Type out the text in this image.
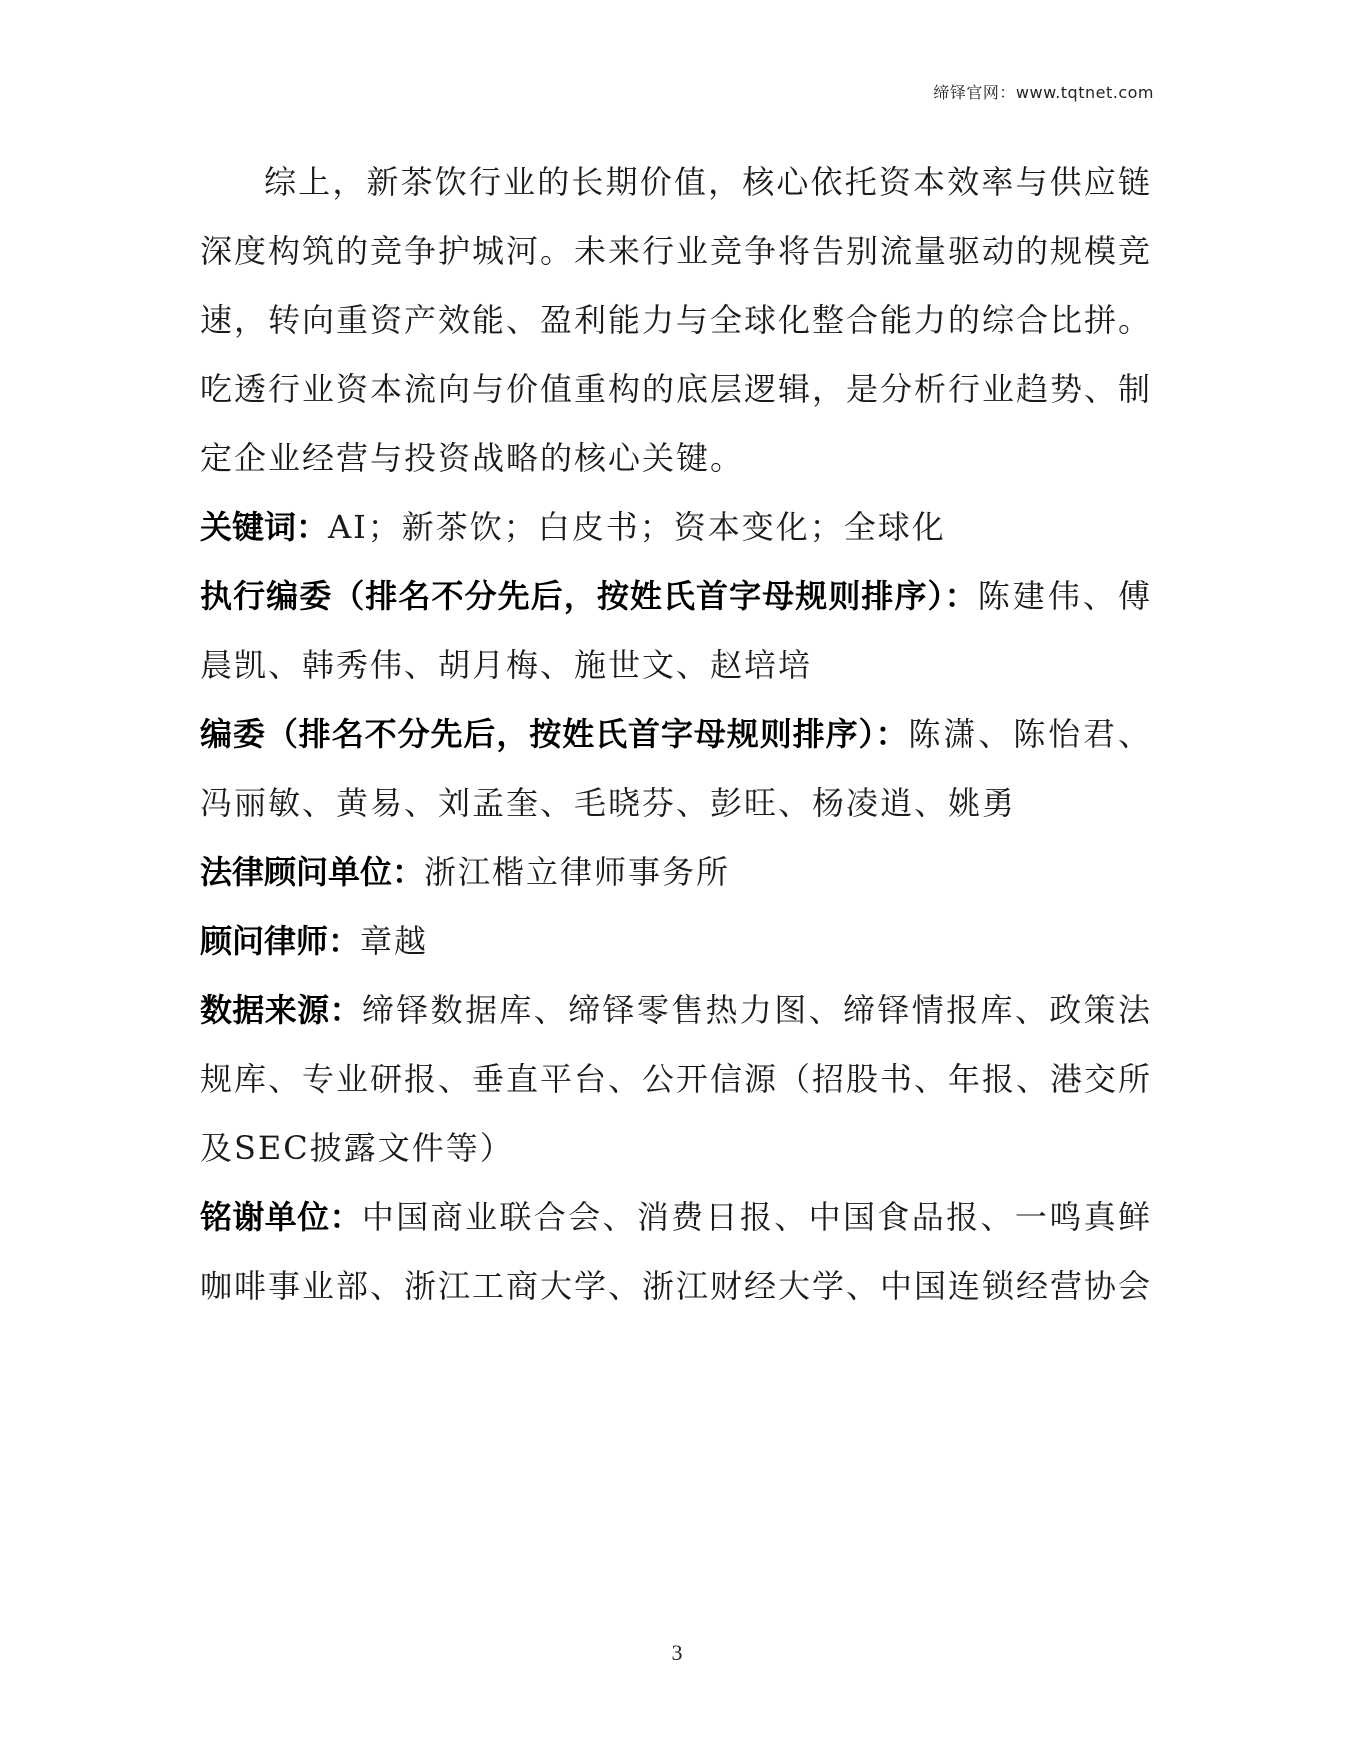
缔铎官网：www.tqtnet.com

综上，新茶饮行业的长期价值，核心依托资本效率与供应链深度构筑的竞争护城河。未来行业竞争将告别流量驱动的规模竞速，转向重资产效能、盈利能力与全球化整合能力的综合比拼。吃透行业资本流向与价值重构的底层逻辑，是分析行业趋势、制定企业经营与投资战略的核心关键。

关键词：AI；新茶饮；白皮书；资本变化；全球化

执行编委（排名不分先后，按姓氏首字母规则排序）：陈建伟、傅晨凯、韩秀伟、胡月梅、施世文、赵培培

编委（排名不分先后，按姓氏首字母规则排序）：陈潇、陈怡君、冯丽敏、黄易、刘孟奎、毛晓芬、彭旺、杨凌逍、姚勇

法律顾问单位：浙江楷立律师事务所

顾问律师：章越

数据来源：缔铎数据库、缔铎零售热力图、缔铎情报库、政策法规库、专业研报、垂直平台、公开信源（招股书、年报、港交所及SEC披露文件等）

铭谢单位：中国商业联合会、消费日报、中国食品报、一鸣真鲜咖啡事业部、浙江工商大学、浙江财经大学、中国连锁经营协会

3
